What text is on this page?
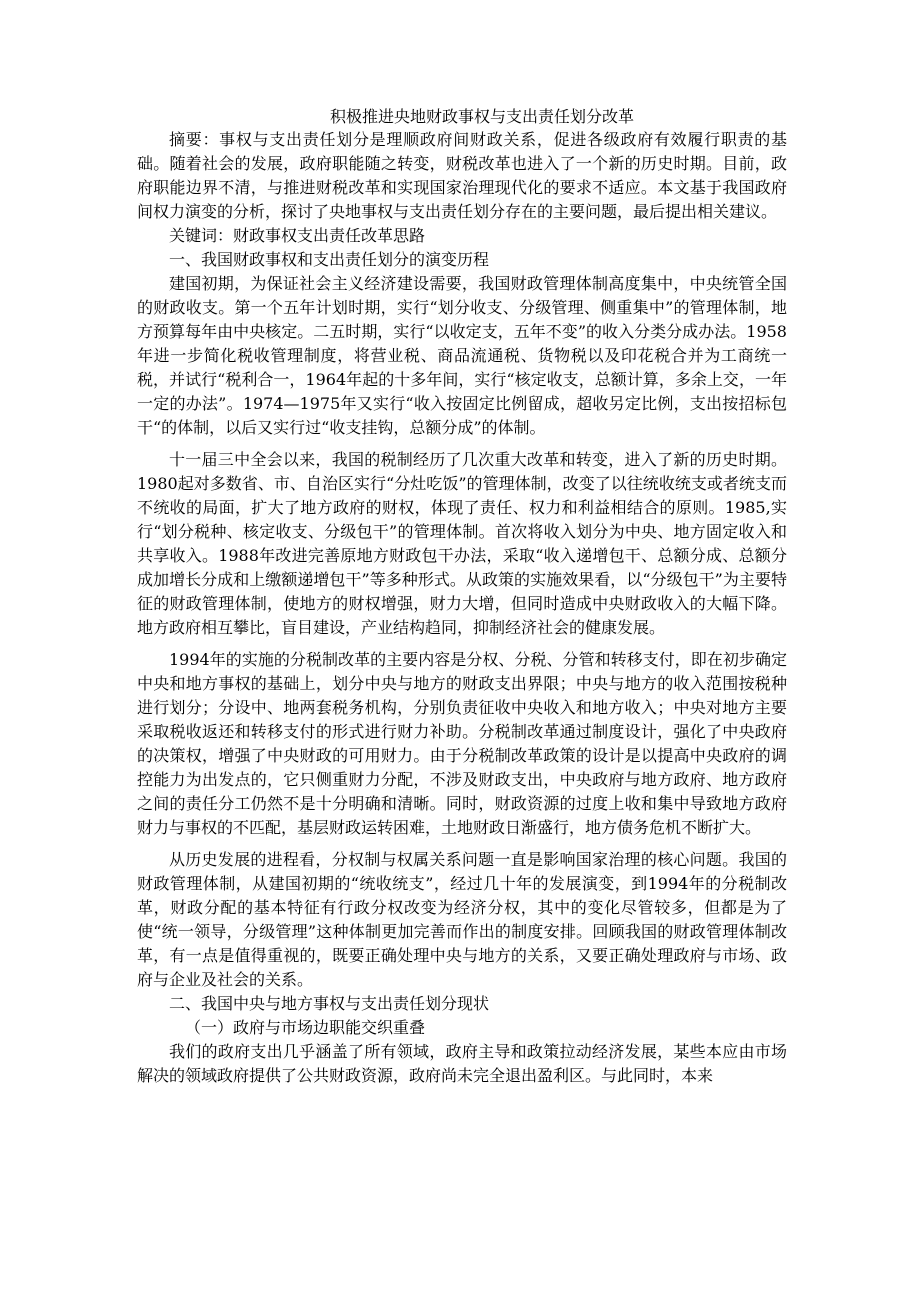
积极推进央地财政事权与支出责任划分改革

摘要：事权与支出责任划分是理顺政府间财政关系，促进各级政府有效履行职责的基础。随着社会的发展，政府职能随之转变，财税改革也进入了一个新的历史时期。目前，政府职能边界不清，与推进财税改革和实现国家治理现代化的要求不适应。本文基于我国政府间权力演变的分析，探讨了央地事权与支出责任划分存在的主要问题，最后提出相关建议。

关键词：财政事权支出责任改革思路

一、我国财政事权和支出责任划分的演变历程

建国初期，为保证社会主义经济建设需要，我国财政管理体制高度集中，中央统管全国的财政收支。第一个五年计划时期，实行“划分收支、分级管理、侧重集中”的管理体制，地方预算每年由中央核定。二五时期，实行“以收定支，五年不变”的收入分类分成办法。1958年进一步简化税收管理制度，将营业税、商品流通税、货物税以及印花税合并为工商统一税，并试行“税利合一，1964年起的十多年间，实行“核定收支，总额计算，多余上交，一年一定的办法”。1974—1975年又实行“收入按固定比例留成，超收另定比例，支出按招标包干“的体制，以后又实行过“收支挂钩，总额分成”的体制。

十一届三中全会以来，我国的税制经历了几次重大改革和转变，进入了新的历史时期。1980起对多数省、市、自治区实行“分灶吃饭”的管理体制，改变了以往统收统支或者统支而不统收的局面，扩大了地方政府的财权，体现了责任、权力和利益相结合的原则。1985,实行“划分税种、核定收支、分级包干”的管理体制。首次将收入划分为中央、地方固定收入和共享收入。1988年改进完善原地方财政包干办法，采取“收入递增包干、总额分成、总额分成加增长分成和上缴额递增包干”等多种形式。从政策的实施效果看，以“分级包干”为主要特征的财政管理体制，使地方的财权增强，财力大增，但同时造成中央财政收入的大幅下降。地方政府相互攀比，盲目建设，产业结构趋同，抑制经济社会的健康发展。

1994年的实施的分税制改革的主要内容是分权、分税、分管和转移支付，即在初步确定中央和地方事权的基础上，划分中央与地方的财政支出界限；中央与地方的收入范围按税种进行划分；分设中、地两套税务机构，分别负责征收中央收入和地方收入；中央对地方主要采取税收返还和转移支付的形式进行财力补助。分税制改革通过制度设计，强化了中央政府的决策权，增强了中央财政的可用财力。由于分税制改革政策的设计是以提高中央政府的调控能力为出发点的，它只侧重财力分配，不涉及财政支出，中央政府与地方政府、地方政府之间的责任分工仍然不是十分明确和清晰。同时，财政资源的过度上收和集中导致地方政府财力与事权的不匹配，基层财政运转困难，土地财政日渐盛行，地方债务危机不断扩大。

从历史发展的进程看，分权制与权属关系问题一直是影响国家治理的核心问题。我国的财政管理体制，从建国初期的“统收统支”，经过几十年的发展演变，到1994年的分税制改革，财政分配的基本特征有行政分权改变为经济分权，其中的变化尽管较多，但都是为了使“统一领导，分级管理”这种体制更加完善而作出的制度安排。回顾我国的财政管理体制改革，有一点是值得重视的，既要正确处理中央与地方的关系，又要正确处理政府与市场、政府与企业及社会的关系。

二、我国中央与地方事权与支出责任划分现状

（一）政府与市场边职能交织重叠

我们的政府支出几乎涵盖了所有领域，政府主导和政策拉动经济发展，某些本应由市场解决的领域政府提供了公共财政资源，政府尚未完全退出盈利区。与此同时，本来
